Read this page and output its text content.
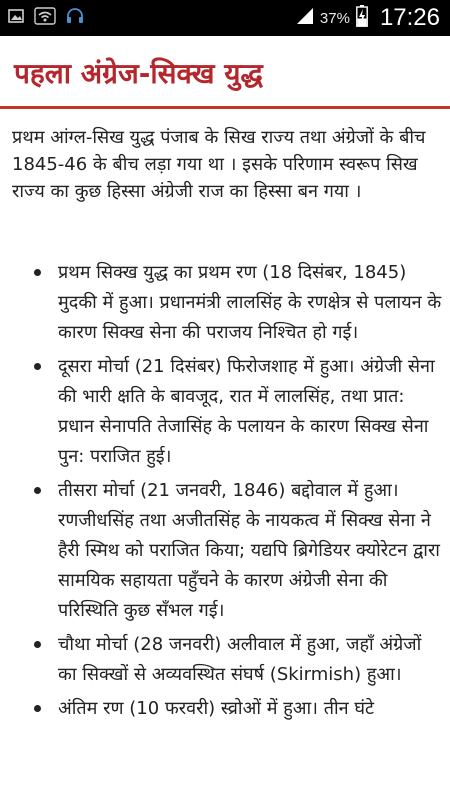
37% 17:26
पहला अंग्रेज-सिक्ख युद्ध

प्रथम आंग्ल-सिख युद्ध पंजाब के सिख राज्य तथा अंग्रेजों के बीच 1845-46 के बीच लड़ा गया था । इसके परिणाम स्वरूप सिख राज्य का कुछ हिस्सा अंग्रेजी राज का हिस्सा बन गया ।

प्रथम सिक्ख युद्ध का प्रथम रण (18 दिसंबर, 1845) मुदकी में हुआ। प्रधानमंत्री लालसिंह के रणक्षेत्र से पलायन के कारण सिक्ख सेना की पराजय निश्चित हो गई।
दूसरा मोर्चा (21 दिसंबर) फिरोजशाह में हुआ। अंग्रेजी सेना की भारी क्षति के बावजूद, रात में लालसिंह, तथा प्रात: प्रधान सेनापति तेजासिंह के पलायन के कारण सिक्ख सेना पुन: पराजित हुई।
तीसरा मोर्चा (21 जनवरी, 1846) बद्दोवाल में हुआ। रणजीधसिंह तथा अजीतसिंह के नायकत्व में सिक्ख सेना ने हैरी स्मिथ को पराजित किया; यद्यपि ब्रिगेडियर क्योरेटन द्वारा सामयिक सहायता पहुँचने के कारण अंग्रेजी सेना की परिस्थिति कुछ सँभल गई।
चौथा मोर्चा (28 जनवरी) अलीवाल में हुआ, जहाँ अंग्रेजों का सिक्खों से अव्यवस्थित संघर्ष (Skirmish) हुआ।
अंतिम रण (10 फरवरी) स्व्रोओं में हुआ। तीन घंटे
